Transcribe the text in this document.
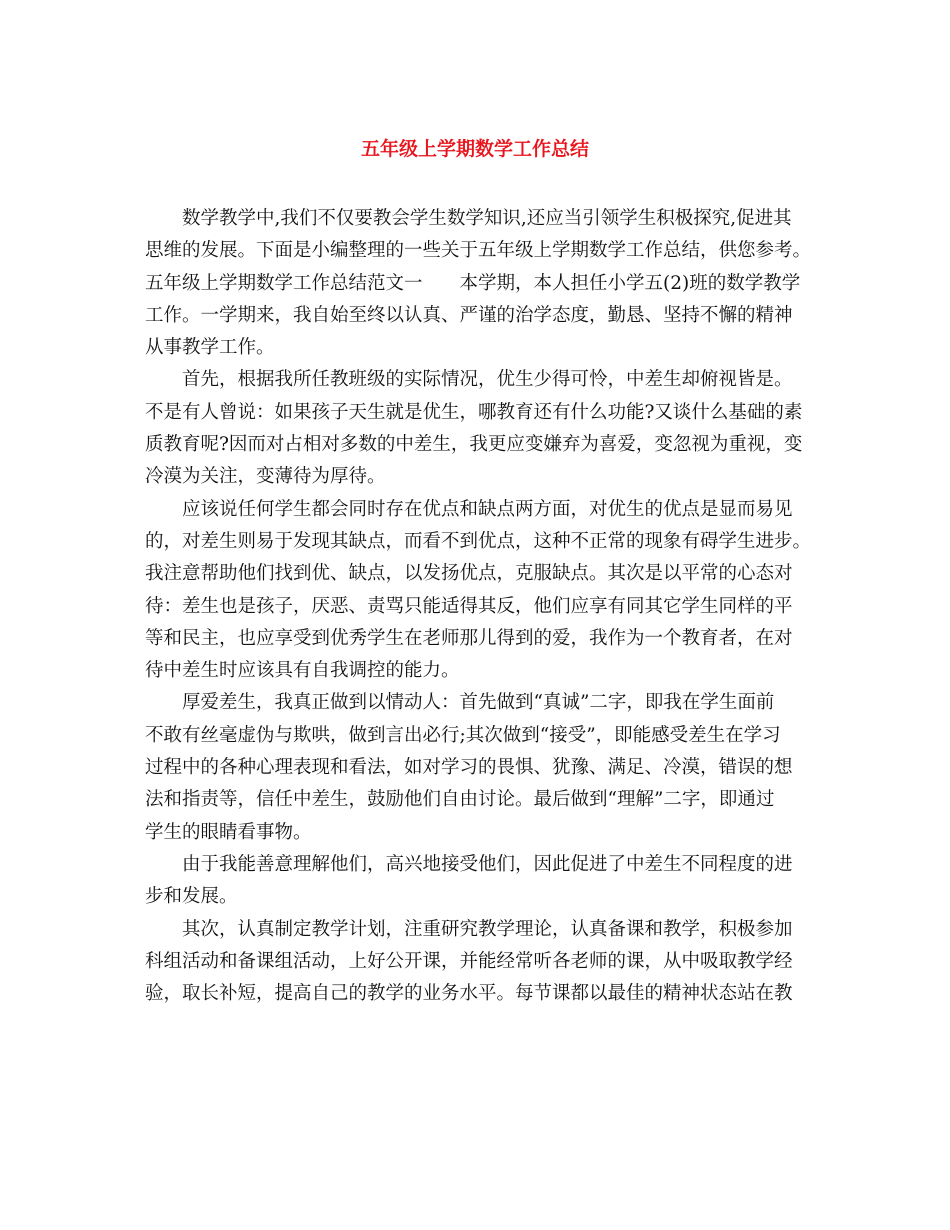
五年级上学期数学工作总结
数学教学中,我们不仅要教会学生数学知识,还应当引领学生积极探究,促进其
思维的发展。下面是小编整理的一些关于五年级上学期数学工作总结，供您参考。
五年级上学期数学工作总结范文一　　本学期，本人担任小学五(2)班的数学教学
工作。一学期来，我自始至终以认真、严谨的治学态度，勤恳、坚持不懈的精神
从事教学工作。
首先，根据我所任教班级的实际情况，优生少得可怜，中差生却俯视皆是。
不是有人曾说：如果孩子天生就是优生，哪教育还有什么功能?又谈什么基础的素
质教育呢?因而对占相对多数的中差生，我更应变嫌弃为喜爱，变忽视为重视，变
冷漠为关注，变薄待为厚待。
应该说任何学生都会同时存在优点和缺点两方面，对优生的优点是显而易见
的，对差生则易于发现其缺点，而看不到优点，这种不正常的现象有碍学生进步。
我注意帮助他们找到优、缺点，以发扬优点，克服缺点。其次是以平常的心态对
待：差生也是孩子，厌恶、责骂只能适得其反，他们应享有同其它学生同样的平
等和民主，也应享受到优秀学生在老师那儿得到的爱，我作为一个教育者，在对
待中差生时应该具有自我调控的能力。
厚爱差生，我真正做到以情动人：首先做到“真诚”二字，即我在学生面前
不敢有丝毫虚伪与欺哄，做到言出必行;其次做到“接受”，即能感受差生在学习
过程中的各种心理表现和看法，如对学习的畏惧、犹豫、满足、冷漠，错误的想
法和指责等，信任中差生，鼓励他们自由讨论。最后做到“理解”二字，即通过
学生的眼睛看事物。
由于我能善意理解他们，高兴地接受他们，因此促进了中差生不同程度的进
步和发展。
其次，认真制定教学计划，注重研究教学理论，认真备课和教学，积极参加
科组活动和备课组活动，上好公开课，并能经常听各老师的课，从中吸取教学经
验，取长补短，提高自己的教学的业务水平。每节课都以最佳的精神状态站在教
